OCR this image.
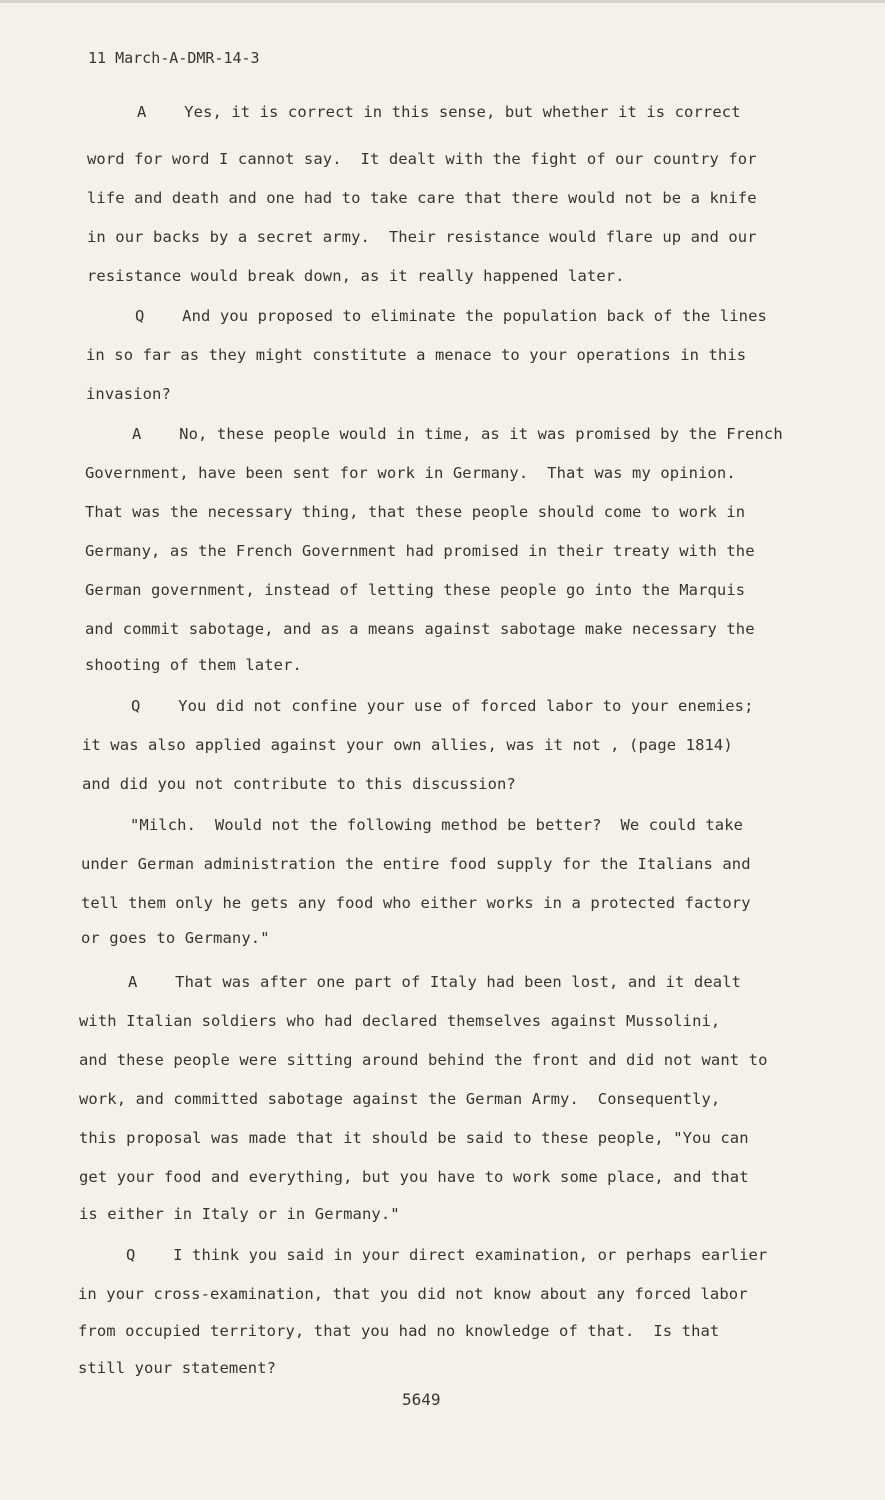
11 March-A-DMR-14-3
A    Yes, it is correct in this sense, but whether it is correct
word for word I cannot say.  It dealt with the fight of our country for
life and death and one had to take care that there would not be a knife
in our backs by a secret army.  Their resistance would flare up and our
resistance would break down, as it really happened later.
Q    And you proposed to eliminate the population back of the lines
in so far as they might constitute a menace to your operations in this
invasion?
A    No, these people would in time, as it was promised by the French
Government, have been sent for work in Germany.  That was my opinion.
That was the necessary thing, that these people should come to work in
Germany, as the French Government had promised in their treaty with the
German government, instead of letting these people go into the Marquis
and commit sabotage, and as a means against sabotage make necessary the
shooting of them later.
Q    You did not confine your use of forced labor to your enemies;
it was also applied against your own allies, was it not , (page 1814)
and did you not contribute to this discussion?
"Milch.  Would not the following method be better?  We could take
under German administration the entire food supply for the Italians and
tell them only he gets any food who either works in a protected factory
or goes to Germany."
A    That was after one part of Italy had been lost, and it dealt
with Italian soldiers who had declared themselves against Mussolini,
and these people were sitting around behind the front and did not want to
work, and committed sabotage against the German Army.  Consequently,
this proposal was made that it should be said to these people, "You can
get your food and everything, but you have to work some place, and that
is either in Italy or in Germany."
Q    I think you said in your direct examination, or perhaps earlier
in your cross-examination, that you did not know about any forced labor
from occupied territory, that you had no knowledge of that.  Is that
still your statement?
5649
